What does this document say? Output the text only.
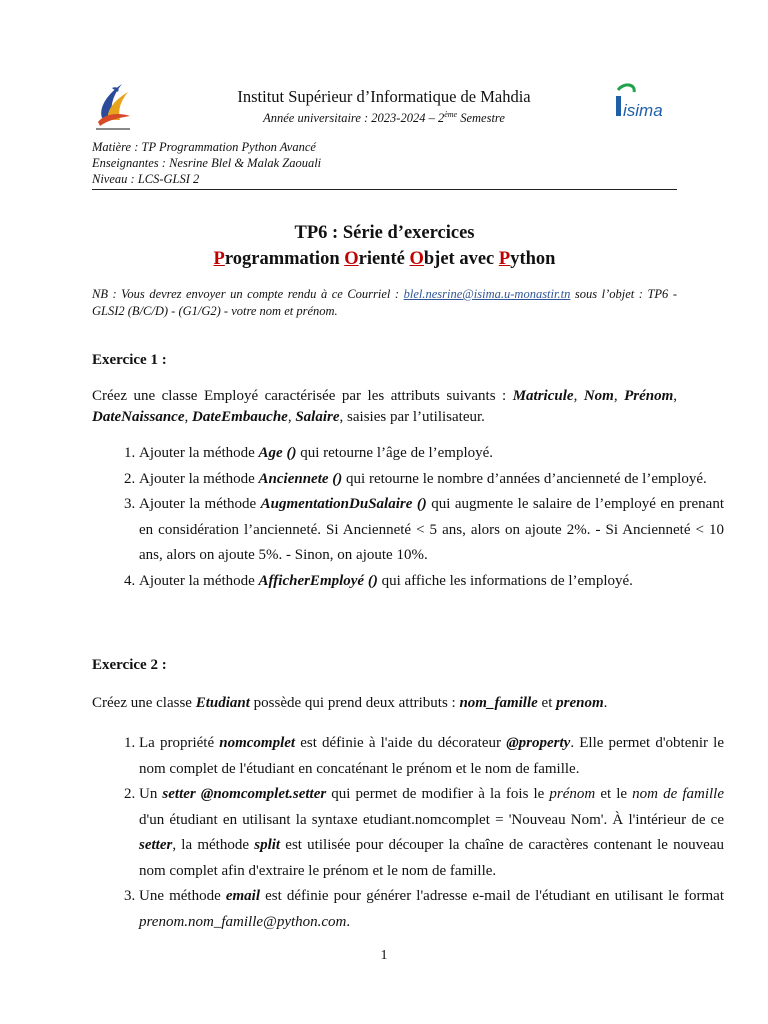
Institut Supérieur d’Informatique de Mahdia
Année universitaire : 2023-2024 – 2ème Semestre	isima
Matière : TP Programmation Python Avancé
Enseignantes : Nesrine Blel & Malak Zaouali
Niveau : LCS-GLSI 2
TP6 : Série d’exercices
Programmation Orienté Objet avec Python
NB : Vous devrez envoyer un compte rendu à ce Courriel : blel.nesrine@isima.u-monastir.tn sous l’objet : TP6 - GLSI2 (B/C/D) - (G1/G2) - votre nom et prénom.
Exercice 1 :
Créez une classe Employé caractérisée par les attributs suivants : Matricule, Nom, Prénom, DateNaissance, DateEmbauche, Salaire, saisies par l’utilisateur.
1. Ajouter la méthode Age () qui retourne l’âge de l’employé.
2. Ajouter la méthode Anciennete () qui retourne le nombre d’années d’ancienneté de l’employé.
3. Ajouter la méthode AugmentationDuSalaire () qui augmente le salaire de l’employé en prenant en considération l’ancienneté. Si Ancienneté < 5 ans, alors on ajoute 2%. - Si Ancienneté < 10 ans, alors on ajoute 5%. - Sinon, on ajoute 10%.
4. Ajouter la méthode AfficherEmployé () qui affiche les informations de l’employé.
Exercice 2 :
Créez une classe Etudiant possède qui prend deux attributs : nom_famille et prenom.
1. La propriété nomcomplet est définie à l'aide du décorateur @property. Elle permet d'obtenir le nom complet de l'étudiant en concaténant le prénom et le nom de famille.
2. Un setter @nomcomplet.setter qui permet de modifier à la fois le prénom et le nom de famille d'un étudiant en utilisant la syntaxe etudiant.nomcomplet = 'Nouveau Nom'. À l'intérieur de ce setter, la méthode split est utilisée pour découper la chaîne de caractères contenant le nouveau nom complet afin d'extraire le prénom et le nom de famille.
3. Une méthode email est définie pour générer l'adresse e-mail de l'étudiant en utilisant le format prenom.nom_famille@python.com.
1
